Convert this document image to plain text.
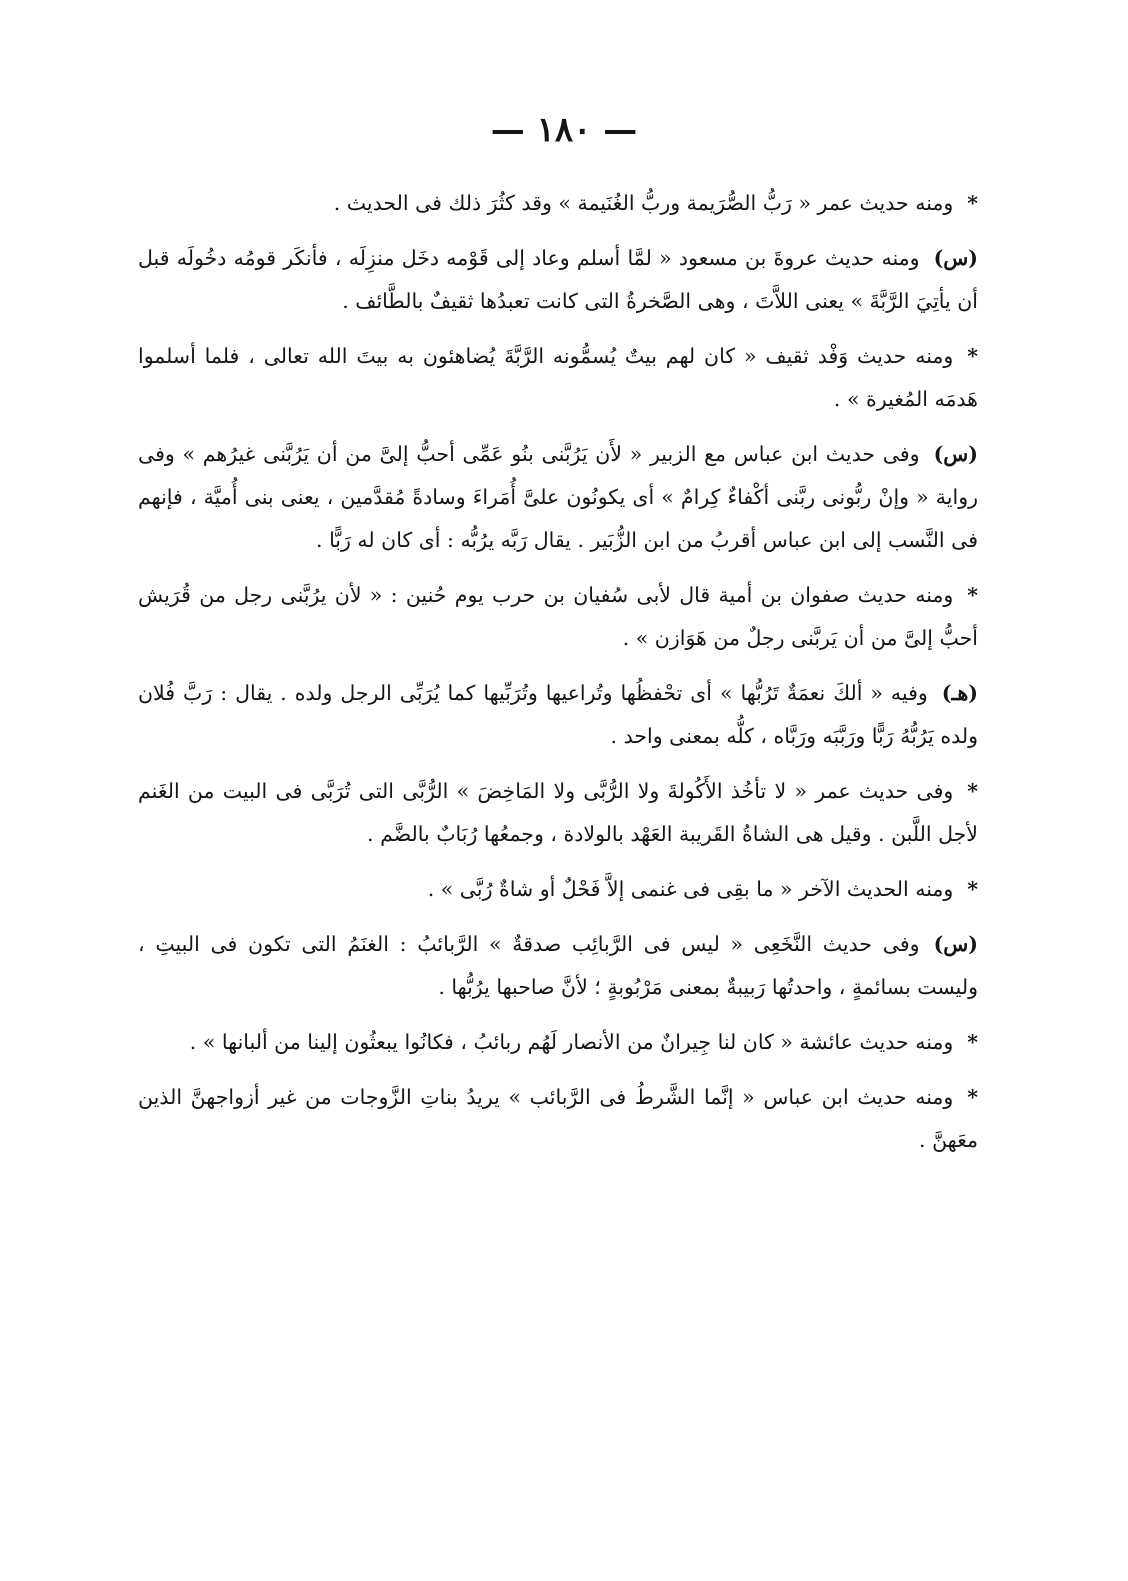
— ١٨٠ —

*ومنه حديث عمر « رَبُّ الصُّرَيمة وربُّ الغُنَيمة » وقد كثُرَ ذلك فى الحديث .

(س)ومنه حديث عروةَ بن مسعود « لمَّا أسلم وعاد إلى قَوْمه دخَل منزِلَه ، فأنكَر قومُه دخُولَه قبل أن يأتِيَ الرَّبَّةَ » يعنى اللاَّتَ ، وهى الصَّخرةُ التى كانت تعبدُها ثقيفٌ بالطَّائف .

*ومنه حديث وَفْد ثقيف « كان لهم بيتٌ يُسمُّونه الرَّبَّةَ يُضاهئون به بيتَ الله تعالى ، فلما أسلموا هَدمَه المُغيرة » .

(س)وفى حديث ابن عباس مع الزبير « لأَن يَرُبَّنى بنُو عَمِّى أحبُّ إلىَّ من أن يَرُبَّنى غيرُهم » وفى رواية « وإنْ ربُّونى ربَّنى أكْفاءٌ كِرامٌ » أى يكونُون علىَّ أُمَراءَ وسادةً مُقدَّمين ، يعنى بنى أُميَّة ، فإنهم فى النَّسب إلى ابن عباس أقربُ من ابن الزُّبَير . يقال رَبَّه يرُبُّه : أى كان له رَبًّا .

*ومنه حديث صفوان بن أمية قال لأبى سُفيان بن حرب يوم حُنين : « لأن يرُبَّنى رجل من قُرَيش أحبُّ إلىَّ من أن يَربَّنى رجلٌ من هَوَازن » .

(هـ)وفيه « ألكَ نعمَةٌ تَرُبُّها » أى تحْفظُها وتُراعيها وتُرَبِّيها كما يُرَبِّى الرجل ولده . يقال : رَبَّ فُلان ولده يَرُبُّهُ رَبًّا ورَبَّبَه ورَبَّاه ، كلُّه بمعنى واحد .

*وفى حديث عمر « لا تأخُذ الأَكُولةَ ولا الرُّبَّى ولا المَاخِضَ » الرُّبَّى التى تُرَبَّى فى البيت من الغَنم لأجل اللَّبن . وقيل هى الشاةُ القَريبة العَهْد بالولادة ، وجمعُها رُبَابٌ بالضَّم .

*ومنه الحديث الآخر « ما بقِى فى غنمى إلاَّ فَحْلٌ أو شاةٌ رُبَّى » .

(س)وفى حديث النَّخَعِى « ليس فى الرَّبائِب صدقةٌ » الرَّبائبُ : الغنَمُ التى تكون فى البيتِ ، وليست بسائمةٍ ، واحدتُها رَبيبةٌ بمعنى مَرْبُوبةٍ ؛ لأنَّ صاحبها يرُبُّها .

*ومنه حديث عائشة « كان لنا جِيرانٌ من الأنصار لَهُم ربائبُ ، فكانُوا يبعثُون إلينا من ألبانها » .

*ومنه حديث ابن عباس « إنَّما الشَّرطُ فى الرَّبائب » يريدُ بناتِ الزَّوجات من غير أزواجهنَّ الذين معَهنَّ .
